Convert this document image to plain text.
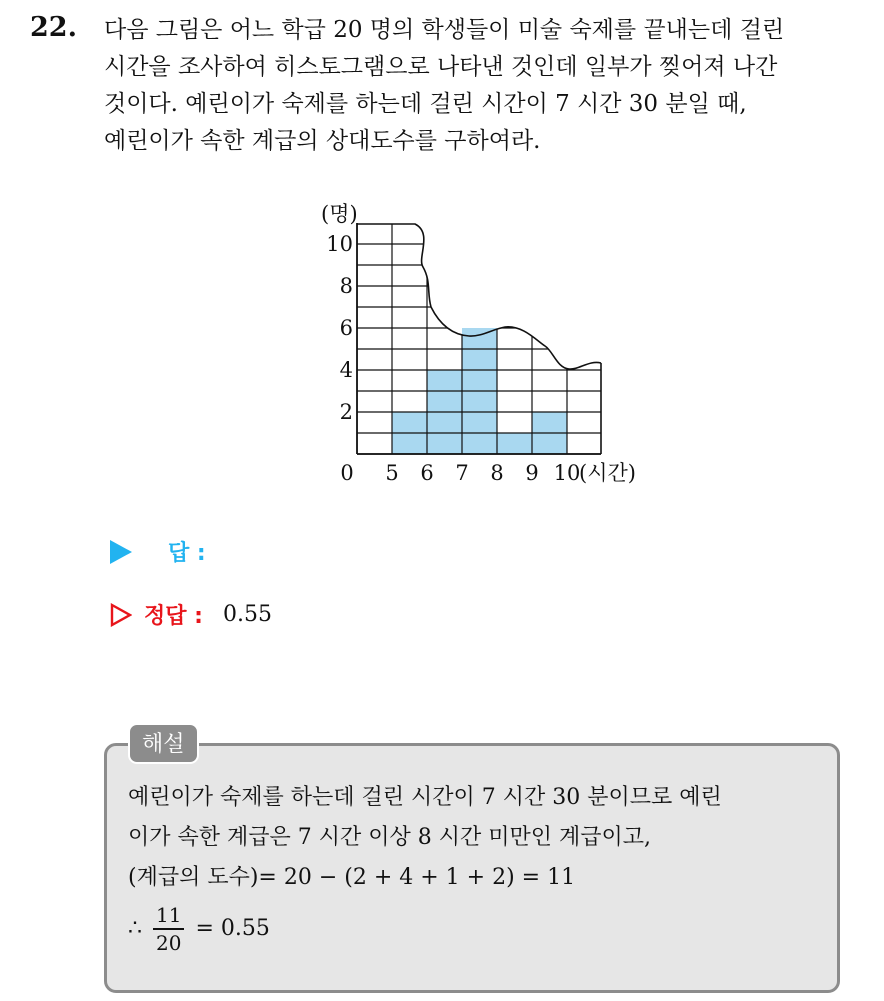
22. 다음 그림은 어느 학급 20 명의 학생들이 미술 숙제를 끝내는데 걸린
시간을 조사하여 히스토그램으로 나타낸 것인데 일부가 찢어져 나간
것이다. 예린이가 숙제를 하는데 걸린 시간이 7 시간 30 분일 때,
예린이가 속한 계급의 상대도수를 구하여라.
2
4
6
8
10
(명)
0 5 6 7 8 9 10
(시간)
답 :
정답 : 0.55
해설
예린이가 숙제를 하는데 걸린 시간이 7 시간 30 분이므로 예린
이가 속한 계급은 7 시간 이상 8 시간 미만인 계급이고,
(계급의 도수)= 20 − (2 + 4 + 1 + 2) = 11
∴ $\frac{11}{20} = 0.55$
